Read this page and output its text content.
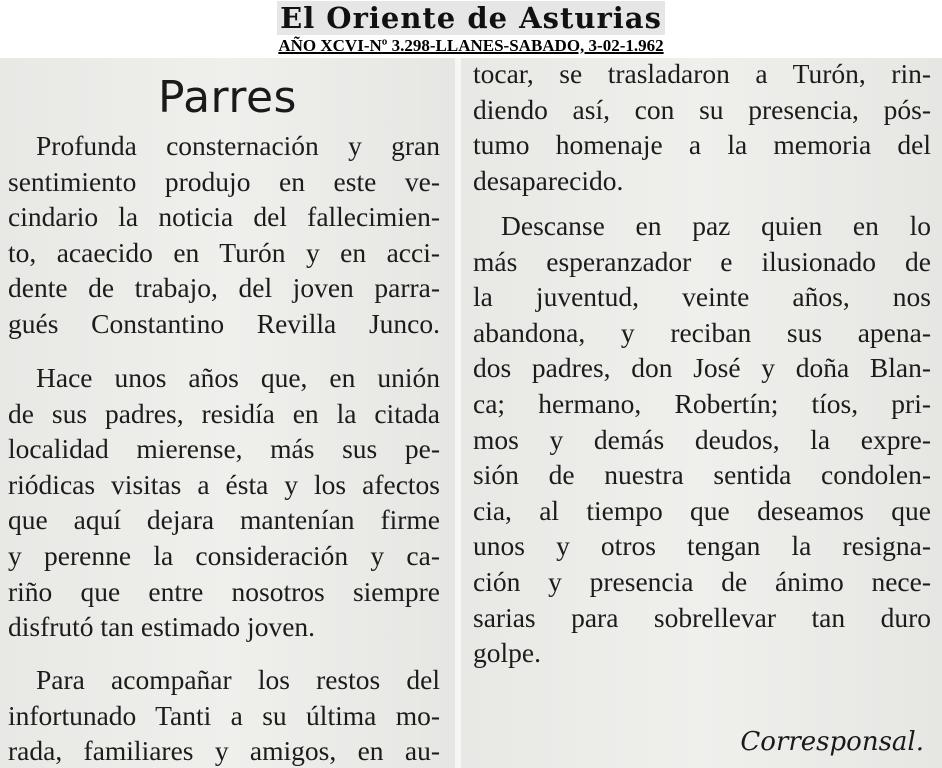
El Oriente de Asturias
AÑO XCVI-Nº 3.298-LLANES-SABADO, 3-02-1.962
Parres
Profunda consternación y gran
sentimiento produjo en este ve-
cindario la noticia del fallecimien-
to, acaecido en Turón y en acci-
dente de trabajo, del joven parra-
gués Constantino Revilla Junco.
Hace unos años que, en unión
de sus padres, residía en la citada
localidad mierense, más sus pe-
riódicas visitas a ésta y los afectos
que aquí dejara mantenían firme
y perenne la consideración y ca-
riño que entre nosotros siempre
disfrutó tan estimado joven.
Para acompañar los restos del
infortunado Tanti a su última mo-
rada, familiares y amigos, en au-
tocar, se trasladaron a Turón, rin-
diendo así, con su presencia, pós-
tumo homenaje a la memoria del
desaparecido.
Descanse en paz quien en lo
más esperanzador e ilusionado de
la juventud, veinte años, nos
abandona, y reciban sus apena-
dos padres, don José y doña Blan-
ca; hermano, Robertín; tíos, pri-
mos y demás deudos, la expre-
sión de nuestra sentida condolen-
cia, al tiempo que deseamos que
unos y otros tengan la resigna-
ción y presencia de ánimo nece-
sarias para sobrellevar tan duro
golpe.
Corresponsal.
